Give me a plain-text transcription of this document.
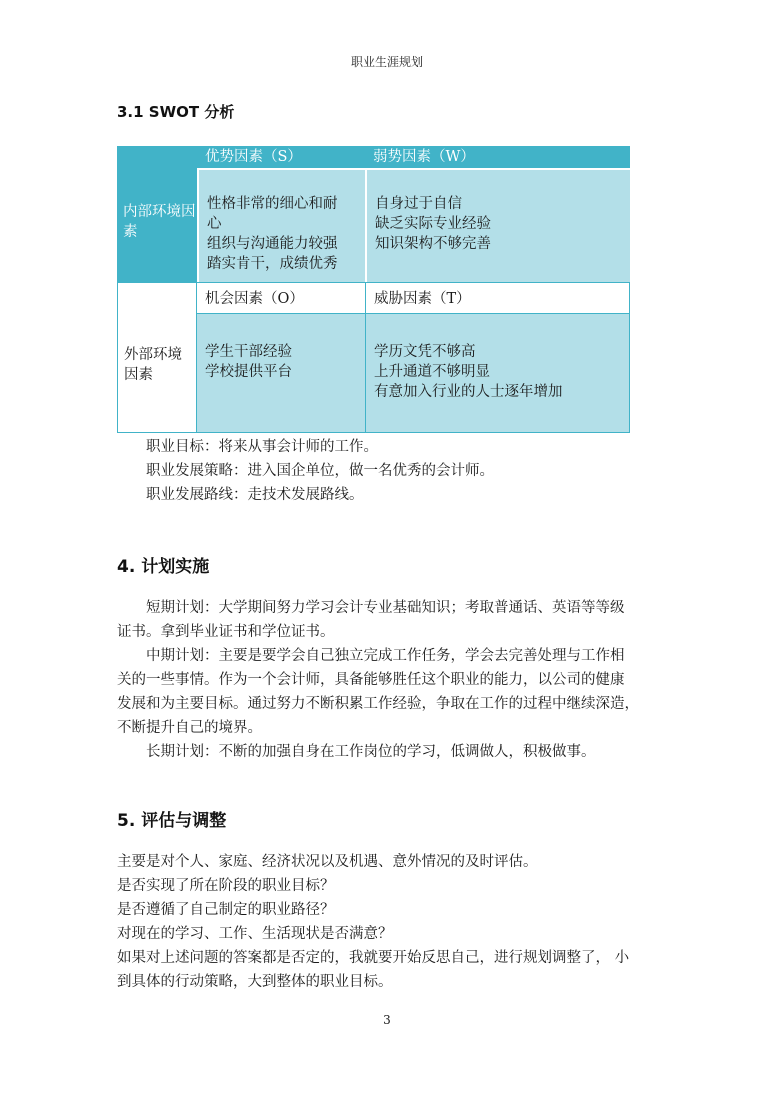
职业生涯规划
3.1 SWOT 分析
内部环境因素
优势因素（S）	弱势因素（W）
性格非常的细心和耐
心
组织与沟通能力较强
踏实肯干，成绩优秀
自身过于自信
缺乏实际专业经验
知识架构不够完善
外部环境因素
机会因素（O）	威胁因素（T）
学生干部经验
学校提供平台
学历文凭不够高
上升通道不够明显
有意加入行业的人士逐年增加
职业目标：将来从事会计师的工作。
职业发展策略：进入国企单位，做一名优秀的会计师。
职业发展路线：走技术发展路线。
4. 计划实施
短期计划：大学期间努力学习会计专业基础知识；考取普通话、英语等等级
证书。拿到毕业证书和学位证书。
中期计划：主要是要学会自己独立完成工作任务，学会去完善处理与工作相
关的一些事情。作为一个会计师，具备能够胜任这个职业的能力，以公司的健康
发展和为主要目标。通过努力不断积累工作经验，争取在工作的过程中继续深造，
不断提升自己的境界。
长期计划：不断的加强自身在工作岗位的学习，低调做人，积极做事。
5. 评估与调整
主要是对个人、家庭、经济状况以及机遇、意外情况的及时评估。
是否实现了所在阶段的职业目标？
是否遵循了自己制定的职业路径？
对现在的学习、工作、生活现状是否满意？
如果对上述问题的答案都是否定的，我就要开始反思自己，进行规划调整了， 小
到具体的行动策略，大到整体的职业目标。
3
